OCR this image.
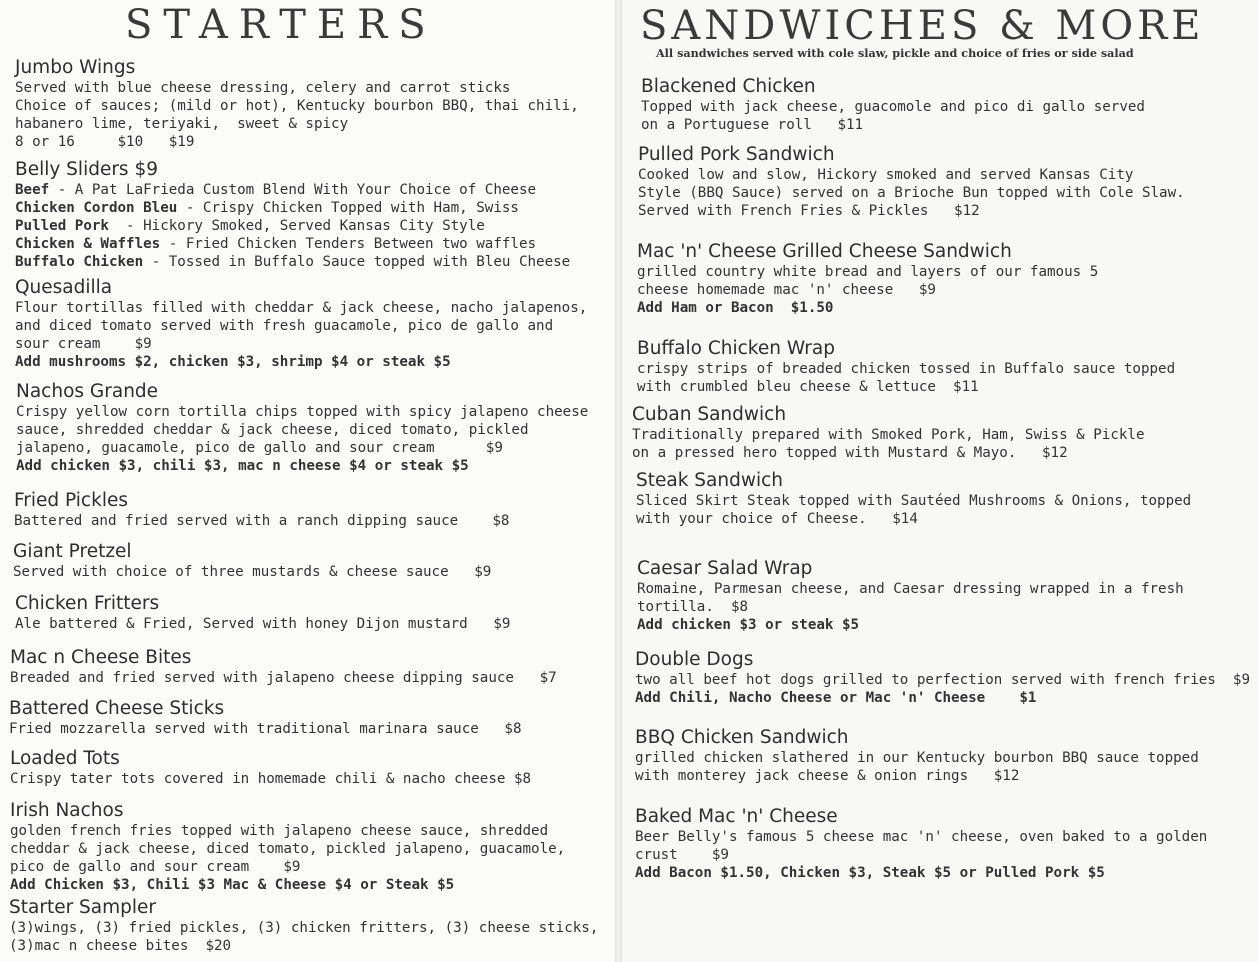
STARTERS
Jumbo Wings
Served with blue cheese dressing, celery and carrot sticks
Choice of sauces; (mild or hot), Kentucky bourbon BBQ, thai chili,
habanero lime, teriyaki,  sweet & spicy
8 or 16     $10   $19
Belly Sliders $9
Beef - A Pat LaFrieda Custom Blend With Your Choice of Cheese
Chicken Cordon Bleu - Crispy Chicken Topped with Ham, Swiss
Pulled Pork  - Hickory Smoked, Served Kansas City Style
Chicken & Waffles - Fried Chicken Tenders Between two waffles
Buffalo Chicken - Tossed in Buffalo Sauce topped with Bleu Cheese
Quesadilla
Flour tortillas filled with cheddar & jack cheese, nacho jalapenos,
and diced tomato served with fresh guacamole, pico de gallo and
sour cream    $9
Add mushrooms $2, chicken $3, shrimp $4 or steak $5
Nachos Grande
Crispy yellow corn tortilla chips topped with spicy jalapeno cheese
sauce, shredded cheddar & jack cheese, diced tomato, pickled
jalapeno, guacamole, pico de gallo and sour cream      $9
Add chicken $3, chili $3, mac n cheese $4 or steak $5
Fried Pickles
Battered and fried served with a ranch dipping sauce    $8
Giant Pretzel
Served with choice of three mustards & cheese sauce   $9
Chicken Fritters
Ale battered & Fried, Served with honey Dijon mustard   $9
Mac n Cheese Bites
Breaded and fried served with jalapeno cheese dipping sauce   $7
Battered Cheese Sticks
Fried mozzarella served with traditional marinara sauce   $8
Loaded Tots
Crispy tater tots covered in homemade chili & nacho cheese $8
Irish Nachos
golden french fries topped with jalapeno cheese sauce, shredded
cheddar & jack cheese, diced tomato, pickled jalapeno, guacamole,
pico de gallo and sour cream    $9
Add Chicken $3, Chili $3 Mac & Cheese $4 or Steak $5
Starter Sampler
(3)wings, (3) fried pickles, (3) chicken fritters, (3) cheese sticks,
(3)mac n cheese bites  $20
SANDWICHES & MORE
All sandwiches served with cole slaw, pickle and choice of fries or side salad
Blackened Chicken
Topped with jack cheese, guacomole and pico di gallo served
on a Portuguese roll   $11
Pulled Pork Sandwich
Cooked low and slow, Hickory smoked and served Kansas City
Style (BBQ Sauce) served on a Brioche Bun topped with Cole Slaw.
Served with French Fries & Pickles   $12
Mac 'n' Cheese Grilled Cheese Sandwich
grilled country white bread and layers of our famous 5
cheese homemade mac 'n' cheese   $9
Add Ham or Bacon  $1.50
Buffalo Chicken Wrap
crispy strips of breaded chicken tossed in Buffalo sauce topped
with crumbled bleu cheese & lettuce  $11
Cuban Sandwich
Traditionally prepared with Smoked Pork, Ham, Swiss & Pickle
on a pressed hero topped with Mustard & Mayo.   $12
Steak Sandwich
Sliced Skirt Steak topped with Sautéed Mushrooms & Onions, topped
with your choice of Cheese.   $14
Caesar Salad Wrap
Romaine, Parmesan cheese, and Caesar dressing wrapped in a fresh
tortilla.  $8
Add chicken $3 or steak $5
Double Dogs
two all beef hot dogs grilled to perfection served with french fries  $9
Add Chili, Nacho Cheese or Mac 'n' Cheese    $1
BBQ Chicken Sandwich
grilled chicken slathered in our Kentucky bourbon BBQ sauce topped
with monterey jack cheese & onion rings   $12
Baked Mac 'n' Cheese
Beer Belly's famous 5 cheese mac 'n' cheese, oven baked to a golden
crust    $9
Add Bacon $1.50, Chicken $3, Steak $5 or Pulled Pork $5
